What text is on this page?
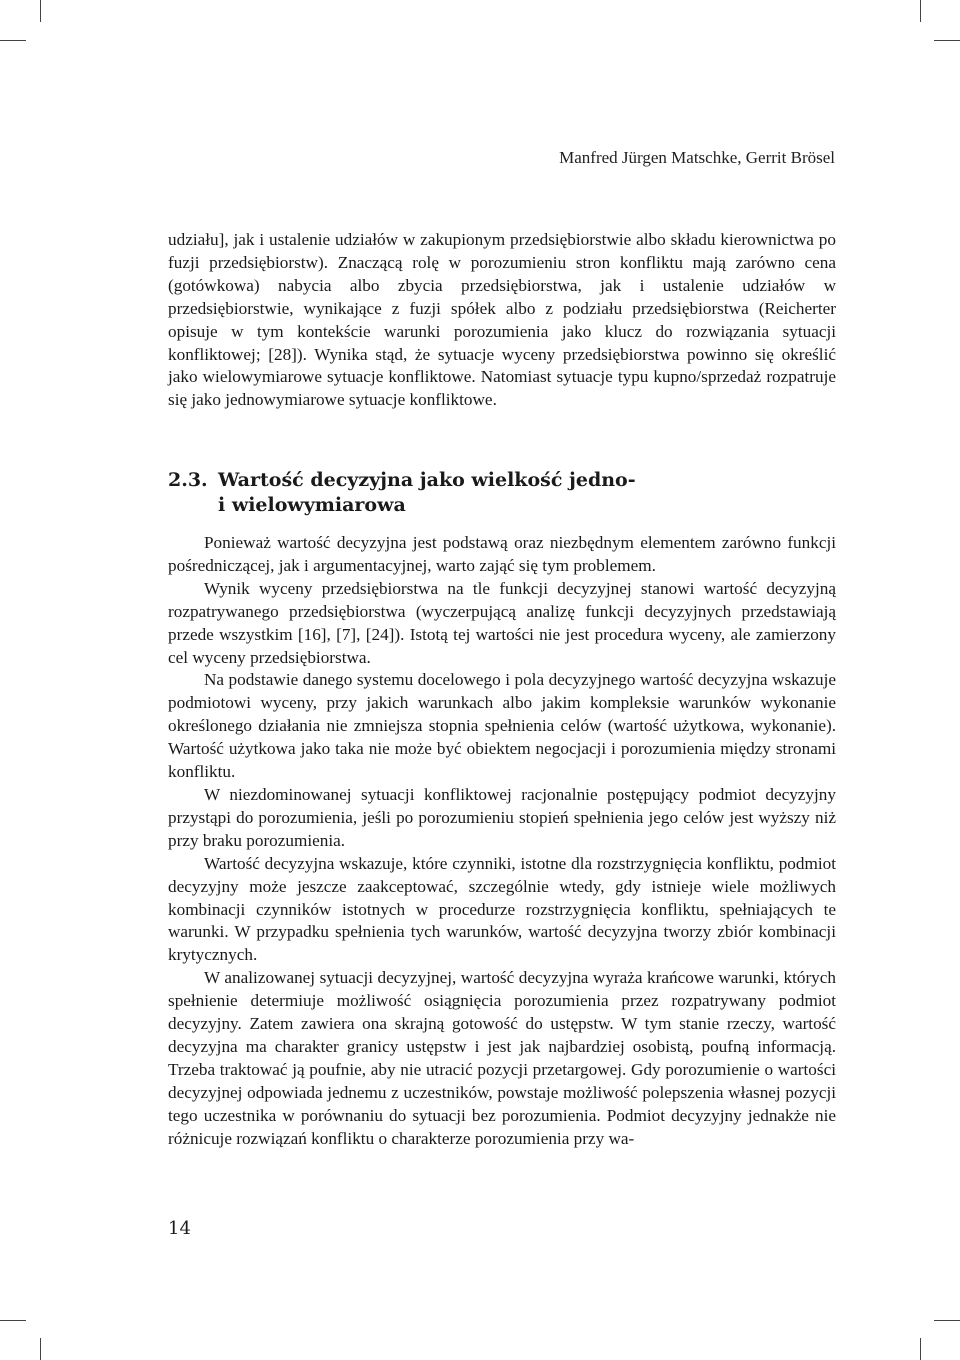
Manfred Jürgen Matschke, Gerrit Brösel

udziału], jak i ustalenie udziałów w zakupionym przedsiębiorstwie albo składu kierownictwa po fuzji przedsiębiorstw). Znaczącą rolę w porozumieniu stron konfliktu mają zarówno cena (gotówkowa) nabycia albo zbycia przedsiębiorstwa, jak i ustalenie udziałów w przedsiębiorstwie, wynikające z fuzji spółek albo z podziału przedsiębiorstwa (Reicherter opisuje w tym kontekście warunki porozumienia jako klucz do rozwiązania sytuacji konfliktowej; [28]). Wynika stąd, że sytuacje wyceny przedsiębiorstwa powinno się określić jako wielowymiarowe sytuacje konfliktowe. Natomiast sytuacje typu kupno/sprzedaż rozpatruje się jako jednowymiarowe sytuacje konfliktowe.

2.3. Wartość decyzyjna jako wielkość jedno-
i wielowymiarowa

Ponieważ wartość decyzyjna jest podstawą oraz niezbędnym elementem zarówno funkcji pośredniczącej, jak i argumentacyjnej, warto zająć się tym problemem.

Wynik wyceny przedsiębiorstwa na tle funkcji decyzyjnej stanowi wartość decyzyjną rozpatrywanego przedsiębiorstwa (wyczerpującą analizę funkcji decyzyjnych przedstawiają przede wszystkim [16], [7], [24]). Istotą tej wartości nie jest procedura wyceny, ale zamierzony cel wyceny przedsiębiorstwa.

Na podstawie danego systemu docelowego i pola decyzyjnego wartość decyzyjna wskazuje podmiotowi wyceny, przy jakich warunkach albo jakim kompleksie warunków wykonanie określonego działania nie zmniejsza stopnia spełnienia celów (wartość użytkowa, wykonanie). Wartość użytkowa jako taka nie może być obiektem negocjacji i porozumienia między stronami konfliktu.

W niezdominowanej sytuacji konfliktowej racjonalnie postępujący podmiot decyzyjny przystąpi do porozumienia, jeśli po porozumieniu stopień spełnienia jego celów jest wyższy niż przy braku porozumienia.

Wartość decyzyjna wskazuje, które czynniki, istotne dla rozstrzygnięcia konfliktu, podmiot decyzyjny może jeszcze zaakceptować, szczególnie wtedy, gdy istnieje wiele możliwych kombinacji czynników istotnych w procedurze rozstrzygnięcia konfliktu, spełniających te warunki. W przypadku spełnienia tych warunków, wartość decyzyjna tworzy zbiór kombinacji krytycznych.

W analizowanej sytuacji decyzyjnej, wartość decyzyjna wyraża krańcowe warunki, których spełnienie determiuje możliwość osiągnięcia porozumienia przez rozpatrywany podmiot decyzyjny. Zatem zawiera ona skrajną gotowość do ustępstw. W tym stanie rzeczy, wartość decyzyjna ma charakter granicy ustępstw i jest jak najbardziej osobistą, poufną informacją. Trzeba traktować ją poufnie, aby nie utracić pozycji przetargowej. Gdy porozumienie o wartości decyzyjnej odpowiada jednemu z uczestników, powstaje możliwość polepszenia własnej pozycji tego uczestnika w porównaniu do sytuacji bez porozumienia. Podmiot decyzyjny jednakże nie różnicuje rozwiązań konfliktu o charakterze porozumienia przy wa-

14
